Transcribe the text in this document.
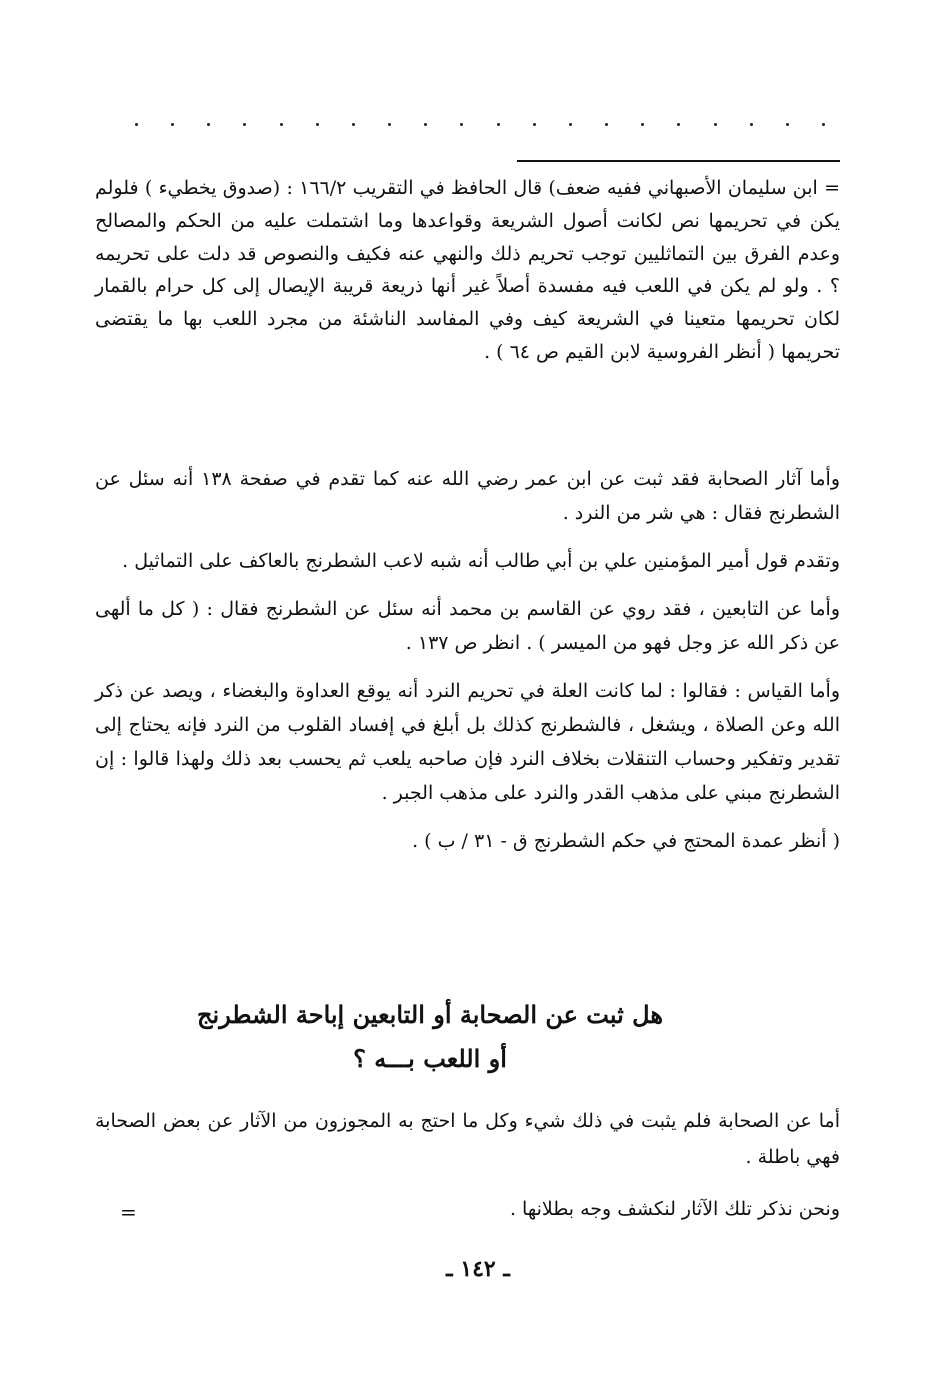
= ابن سليمان الأصبهاني ففيه ضعف) قال الحافظ في التقريب ١٦٦/٢ : (صدوق يخطيء ) فلولم يكن في تحريمها نص لكانت أصول الشريعة وقواعدها وما اشتملت عليه من الحكم والمصالح وعدم الفرق بين التماثليين توجب تحريم ذلك والنهي عنه فكيف والنصوص قد دلت على تحريمه ؟ . ولو لم يكن في اللعب فيه مفسدة أصلاً غير أنها ذريعة قريبة الإيصال إلى كل حرام بالقمار لكان تحريمها متعينا في الشريعة كيف وفي المفاسد الناشئة من مجرد اللعب بها ما يقتضى تحريمها ( أنظر الفروسية لابن القيم ص ٦٤ ) .

وأما آثار الصحابة فقد ثبت عن ابن عمر رضي الله عنه كما تقدم في صفحة ١٣٨ أنه سئل عن الشطرنج فقال : هي شر من النرد .

وتقدم قول أمير المؤمنين علي بن أبي طالب أنه شبه لاعب الشطرنج بالعاكف على التماثيل .

وأما عن التابعين ، فقد روي عن القاسم بن محمد أنه سئل عن الشطرنج فقال : ( كل ما ألهى عن ذكر الله عز وجل فهو من الميسر ) . انظر ص ١٣٧ .

وأما القياس : فقالوا : لما كانت العلة في تحريم النرد أنه يوقع العداوة والبغضاء ، ويصد عن ذكر الله وعن الصلاة ، ويشغل ، فالشطرنج كذلك بل أبلغ في إفساد القلوب من النرد فإنه يحتاج إلى تقدير وتفكير وحساب التنقلات بخلاف النرد فإن صاحبه يلعب ثم يحسب بعد ذلك ولهذا قالوا : إن الشطرنج مبني على مذهب القدر والنرد على مذهب الجبر .

( أنظر عمدة المحتج في حكم الشطرنج ق - ٣١ / ب ) .

هل ثبت عن الصحابة أو التابعين إباحة الشطرنج
أو اللعب بـــه ؟

أما عن الصحابة فلم يثبت في ذلك شيء وكل ما احتج به المجوزون من الآثار عن بعض الصحابة فهي باطلة .

ونحن نذكر تلك الآثار لنكشف وجه بطلانها .

=
ـ ١٤٢ ـ
